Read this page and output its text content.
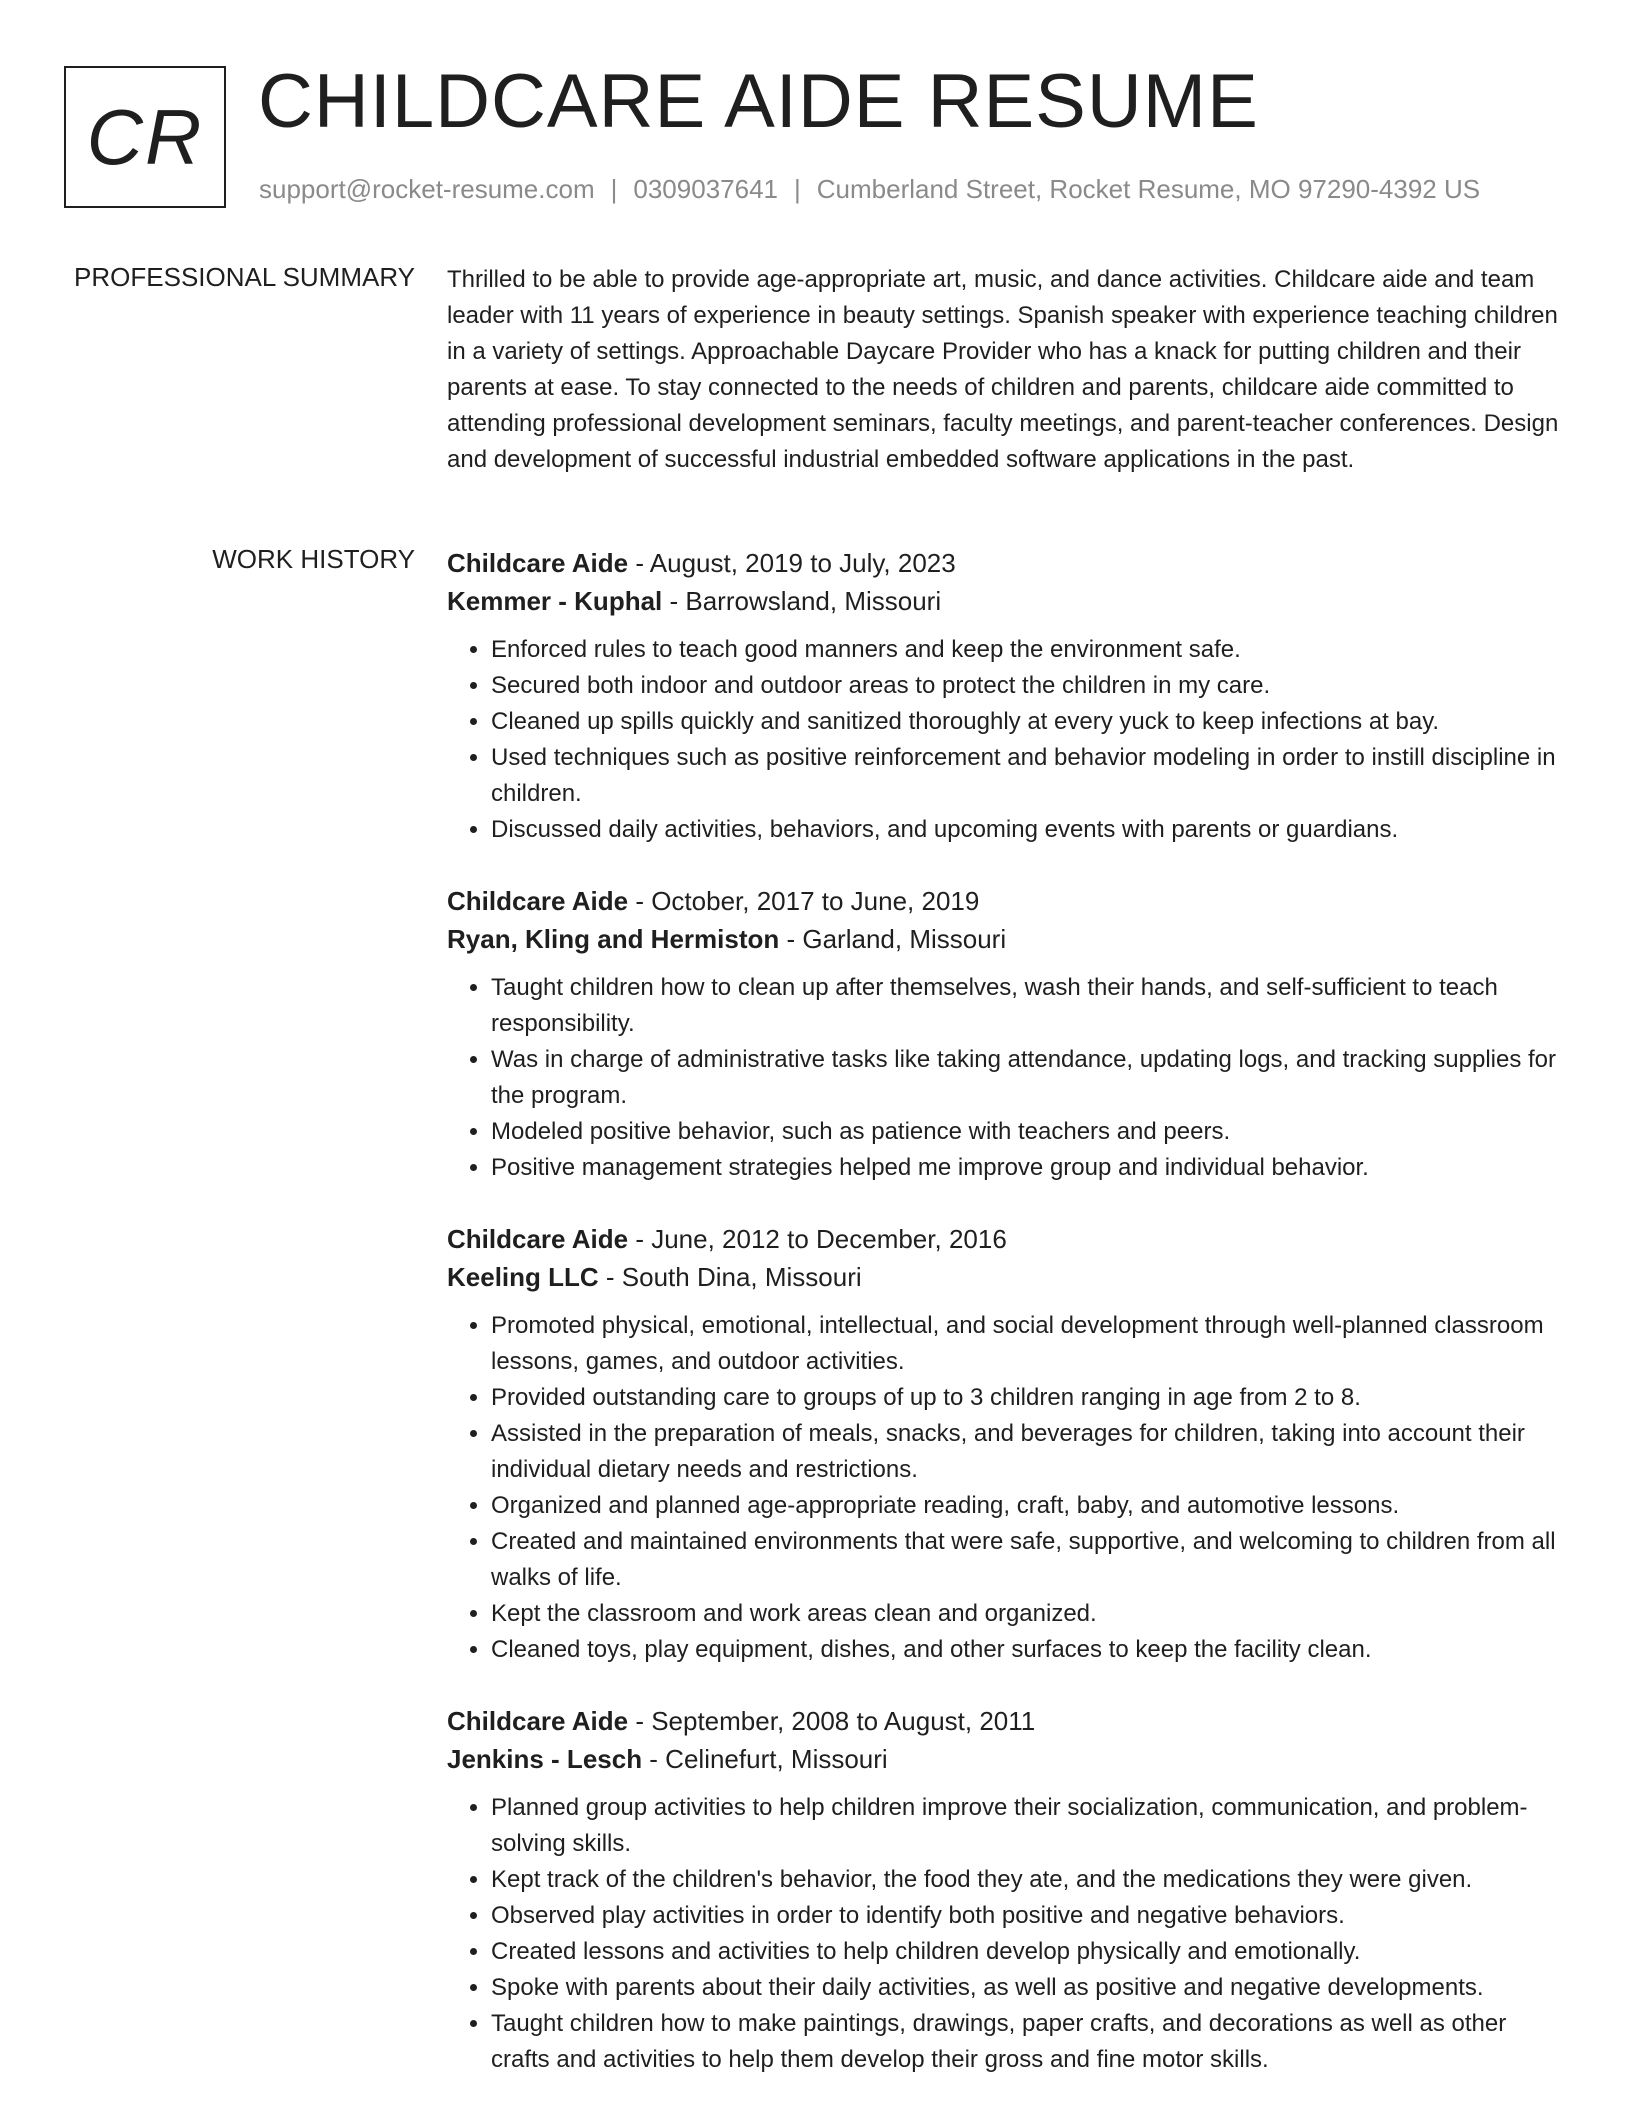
CR CHILDCARE AIDE RESUME
support@rocket-resume.com | 0309037641 | Cumberland Street, Rocket Resume, MO 97290-4392 US
PROFESSIONAL SUMMARY Thrilled to be able to provide age-appropriate art, music, and dance activities. Childcare aide and team leader with 11 years of experience in beauty settings. Spanish speaker with experience teaching children in a variety of settings. Approachable Daycare Provider who has a knack for putting children and their parents at ease. To stay connected to the needs of children and parents, childcare aide committed to attending professional development seminars, faculty meetings, and parent-teacher conferences. Design and development of successful industrial embedded software applications in the past.

WORK HISTORY Childcare Aide - August, 2019 to July, 2023
Kemmer - Kuphal - Barrowsland, Missouri
• Enforced rules to teach good manners and keep the environment safe.
• Secured both indoor and outdoor areas to protect the children in my care.
• Cleaned up spills quickly and sanitized thoroughly at every yuck to keep infections at bay.
• Used techniques such as positive reinforcement and behavior modeling in order to instill discipline in children.
• Discussed daily activities, behaviors, and upcoming events with parents or guardians.
Childcare Aide - October, 2017 to June, 2019
Ryan, Kling and Hermiston - Garland, Missouri
• Taught children how to clean up after themselves, wash their hands, and self-sufficient to teach responsibility.
• Was in charge of administrative tasks like taking attendance, updating logs, and tracking supplies for the program.
• Modeled positive behavior, such as patience with teachers and peers.
• Positive management strategies helped me improve group and individual behavior.
Childcare Aide - June, 2012 to December, 2016
Keeling LLC - South Dina, Missouri
• Promoted physical, emotional, intellectual, and social development through well-planned classroom lessons, games, and outdoor activities.
• Provided outstanding care to groups of up to 3 children ranging in age from 2 to 8.
• Assisted in the preparation of meals, snacks, and beverages for children, taking into account their individual dietary needs and restrictions.
• Organized and planned age-appropriate reading, craft, baby, and automotive lessons.
• Created and maintained environments that were safe, supportive, and welcoming to children from all walks of life.
• Kept the classroom and work areas clean and organized.
• Cleaned toys, play equipment, dishes, and other surfaces to keep the facility clean.
Childcare Aide - September, 2008 to August, 2011
Jenkins - Lesch - Celinefurt, Missouri
• Planned group activities to help children improve their socialization, communication, and problem-solving skills.
• Kept track of the children's behavior, the food they ate, and the medications they were given.
• Observed play activities in order to identify both positive and negative behaviors.
• Created lessons and activities to help children develop physically and emotionally.
• Spoke with parents about their daily activities, as well as positive and negative developments.
• Taught children how to make paintings, drawings, paper crafts, and decorations as well as other crafts and activities to help them develop their gross and fine motor skills.
